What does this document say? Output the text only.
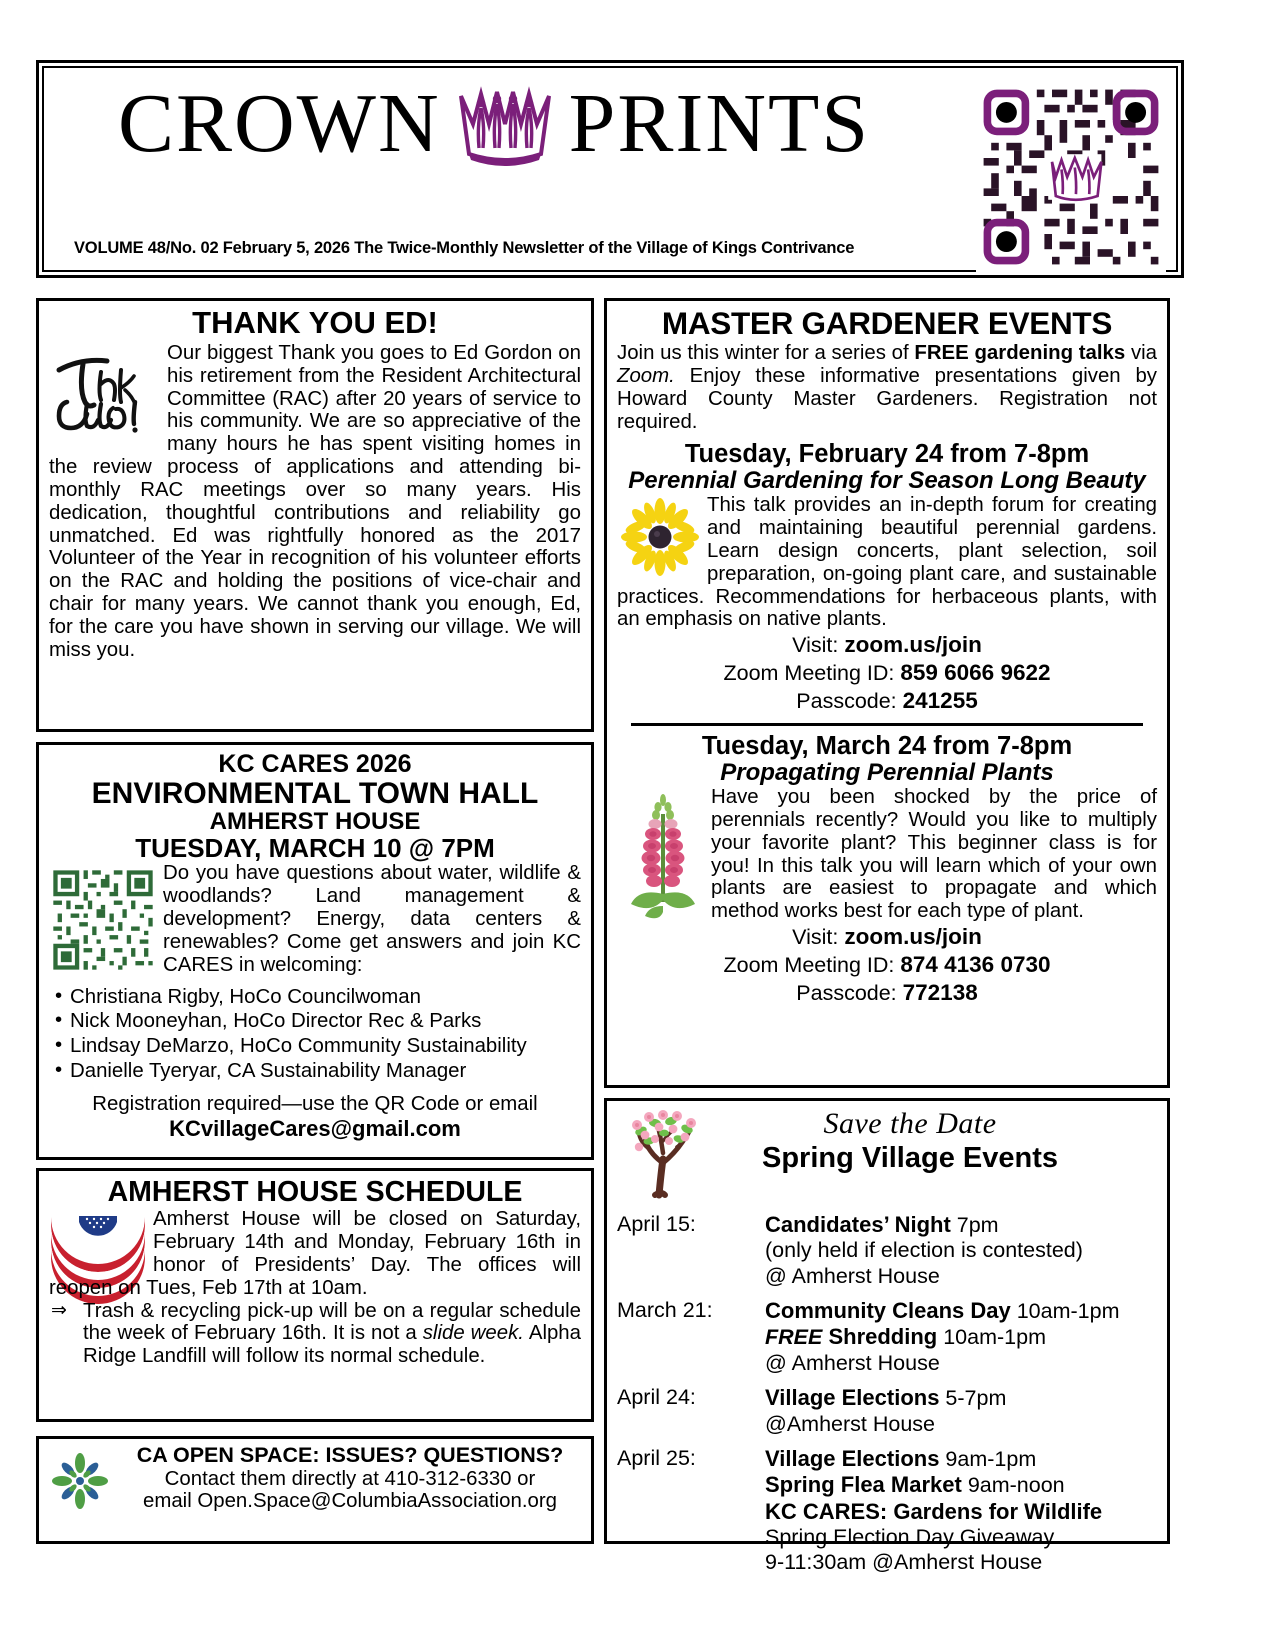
CROWN PRINTS
VOLUME 48/No. 02 February 5, 2026 The Twice-Monthly Newsletter of the Village of Kings Contrivance
THANK YOU ED!

Our biggest Thank you goes to Ed Gordon on his retirement from the Resident Architectural Committee (RAC) after 20 years of service to his community. We are so appreciative of the many hours he has spent visiting homes in the review process of applications and attending bi-monthly RAC meetings over so many years. His dedication, thoughtful contributions and reliability go unmatched. Ed was rightfully honored as the 2017 Volunteer of the Year in recognition of his volunteer efforts on the RAC and holding the positions of vice-chair and chair for many years. We cannot thank you enough, Ed, for the care you have shown in serving our village. We will miss you.

KC CARES 2026
ENVIRONMENTAL TOWN HALL
AMHERST HOUSE
TUESDAY, MARCH 10 @ 7PM

Do you have questions about water, wildlife & woodlands? Land management & development? Energy, data centers & renewables? Come get answers and join KC CARES in welcoming:

• Christiana Rigby, HoCo Councilwoman
• Nick Mooneyhan, HoCo Director Rec & Parks
• Lindsay DeMarzo, HoCo Community Sustainability
• Danielle Tyeryar, CA Sustainability Manager

Registration required—use the QR Code or email

KCvillageCares@gmail.com

AMHERST HOUSE SCHEDULE

Amherst House will be closed on Saturday, February 14th and Monday, February 16th in honor of Presidents’ Day. The offices will reopen on Tues, Feb 17th at 10am.

⇒ Trash & recycling pick-up will be on a regular schedule the week of February 16th. It is not a slide week. Alpha Ridge Landfill will follow its normal schedule.

CA OPEN SPACE: ISSUES? QUESTIONS?

Contact them directly at 410-312-6330 or

email Open.Space@ColumbiaAssociation.org

MASTER GARDENER EVENTS

Join us this winter for a series of FREE gardening talks via Zoom. Enjoy these informative presentations given by Howard County Master Gardeners. Registration not required.

Tuesday, February 24 from 7-8pm
Perennial Gardening for Season Long Beauty

This talk provides an in-depth forum for creating and maintaining beautiful perennial gardens. Learn design concerts, plant selection, soil preparation, on-going plant care, and sustainable practices. Recommendations for herbaceous plants, with an emphasis on native plants.

Visit: zoom.us/join
Zoom Meeting ID: 859 6066 9622
Passcode: 241255
Tuesday, March 24 from 7-8pm
Propagating Perennial Plants

Have you been shocked by the price of perennials recently? Would you like to multiply your favorite plant? This beginner class is for you! In this talk you will learn which of your own plants are easiest to propagate and which method works best for each type of plant.

Visit: zoom.us/join
Zoom Meeting ID: 874 4136 0730
Passcode: 772138
Save the Date
Spring Village Events
April 15:	Candidates’ Night 7pm
(only held if election is contested)
@ Amherst House
March 21:	Community Cleans Day 10am-1pm
FREE Shredding 10am-1pm
@ Amherst House
April 24:	Village Elections 5-7pm
@Amherst House
April 25:	Village Elections 9am-1pm
Spring Flea Market 9am-noon
KC CARES: Gardens for Wildlife
Spring Election Day Giveaway
9-11:30am @Amherst House
